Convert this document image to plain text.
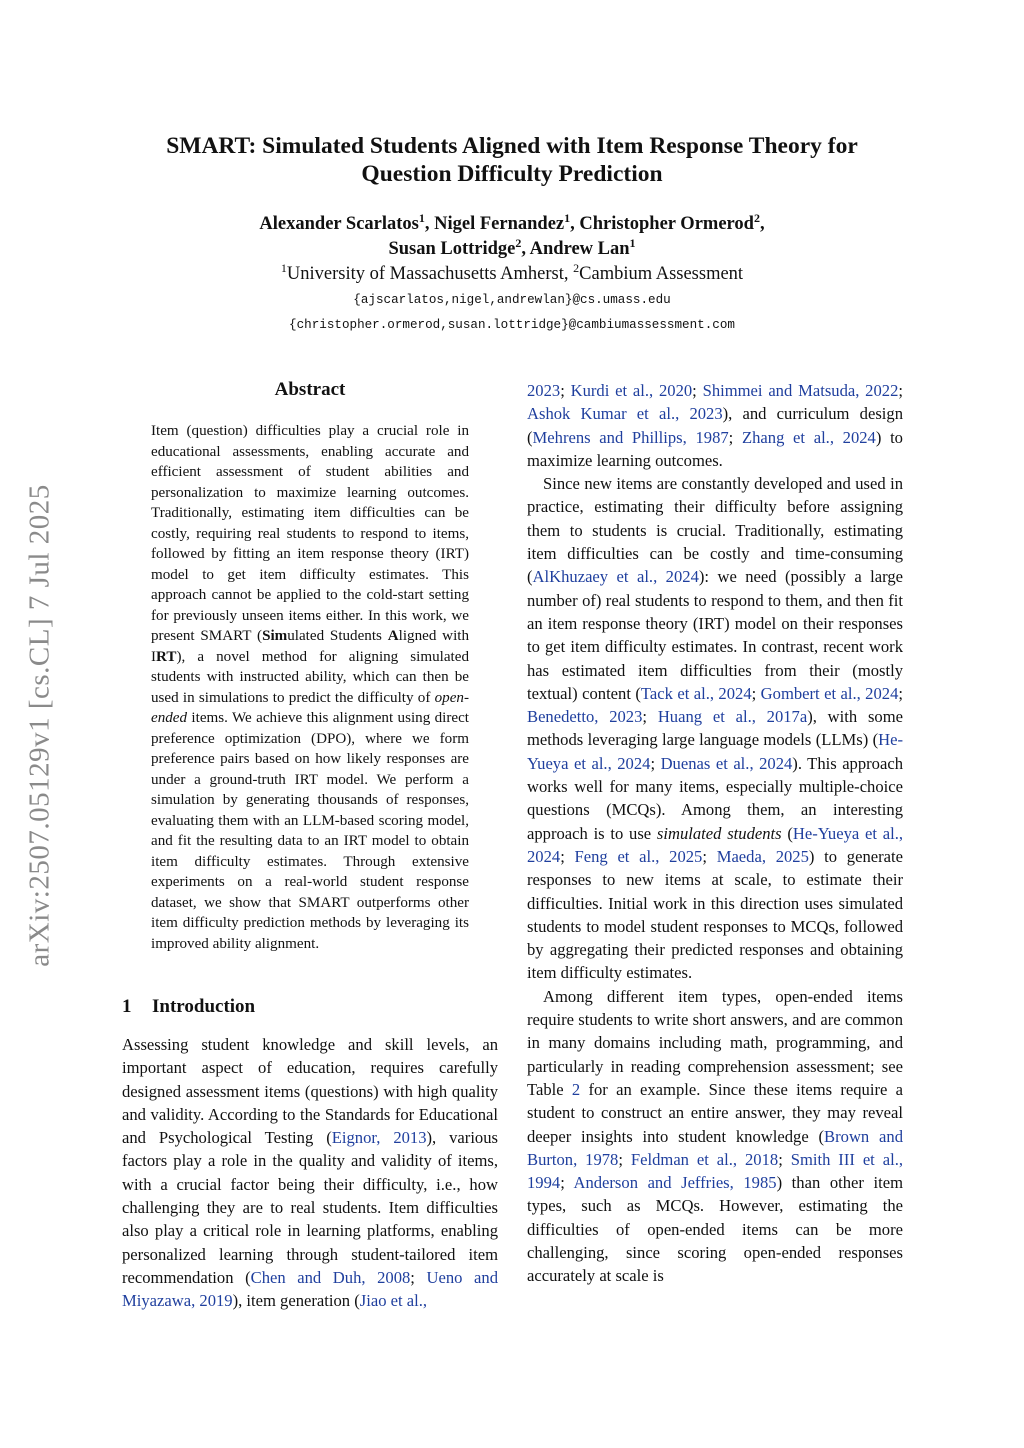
arXiv:2507.05129v1 [cs.CL] 7 Jul 2025
SMART: Simulated Students Aligned with Item Response Theory for
Question Difficulty Prediction
Alexander Scarlatos$^1$, Nigel Fernandez$^1$, Christopher Ormerod$^2$,
Susan Lottridge$^2$, Andrew Lan$^1$
$^1$University of Massachusetts Amherst, $^2$Cambium Assessment
{ajscarlatos,nigel,andrewlan}@cs.umass.edu
{christopher.ormerod,susan.lottridge}@cambiumassessment.com
Abstract

Item (question) difficulties play a crucial role in educational assessments, enabling accurate and efficient assessment of student abilities and personalization to maximize learning outcomes. Traditionally, estimating item difficulties can be costly, requiring real students to respond to items, followed by fitting an item response theory (IRT) model to get item difficulty estimates. This approach cannot be applied to the cold-start setting for previously unseen items either. In this work, we present SMART (Simulated Students Aligned with IRT), a novel method for aligning simulated students with instructed ability, which can then be used in simulations to predict the difficulty of open-ended items. We achieve this alignment using direct preference optimization (DPO), where we form preference pairs based on how likely responses are under a ground-truth IRT model. We perform a simulation by generating thousands of responses, evaluating them with an LLM-based scoring model, and fit the resulting data to an IRT model to obtain item difficulty estimates. Through extensive experiments on a real-world student response dataset, we show that SMART outperforms other item difficulty prediction methods by leveraging its improved ability alignment.

1 Introduction

Assessing student knowledge and skill levels, an important aspect of education, requires carefully designed assessment items (questions) with high quality and validity. According to the Standards for Educational and Psychological Testing (Eignor, 2013), various factors play a role in the quality and validity of items, with a crucial factor being their difficulty, i.e., how challenging they are to real students. Item difficulties also play a critical role in learning platforms, enabling personalized learning through student-tailored item recommendation (Chen and Duh, 2008; Ueno and Miyazawa, 2019), item generation (Jiao et al.,

2023; Kurdi et al., 2020; Shimmei and Matsuda, 2022; Ashok Kumar et al., 2023), and curriculum design (Mehrens and Phillips, 1987; Zhang et al., 2024) to maximize learning outcomes.

Since new items are constantly developed and used in practice, estimating their difficulty before assigning them to students is crucial. Traditionally, estimating item difficulties can be costly and time-consuming (AlKhuzaey et al., 2024): we need (possibly a large number of) real students to respond to them, and then fit an item response theory (IRT) model on their responses to get item difficulty estimates. In contrast, recent work has estimated item difficulties from their (mostly textual) content (Tack et al., 2024; Gombert et al., 2024; Benedetto, 2023; Huang et al., 2017a), with some methods leveraging large language models (LLMs) (He-Yueya et al., 2024; Duenas et al., 2024). This approach works well for many items, especially multiple-choice questions (MCQs). Among them, an interesting approach is to use simulated students (He-Yueya et al., 2024; Feng et al., 2025; Maeda, 2025) to generate responses to new items at scale, to estimate their difficulties. Initial work in this direction uses simulated students to model student responses to MCQs, followed by aggregating their predicted responses and obtaining item difficulty estimates.

Among different item types, open-ended items require students to write short answers, and are common in many domains including math, programming, and particularly in reading comprehension assessment; see Table 2 for an example. Since these items require a student to construct an entire answer, they may reveal deeper insights into student knowledge (Brown and Burton, 1978; Feldman et al., 2018; Smith III et al., 1994; Anderson and Jeffries, 1985) than other item types, such as MCQs. However, estimating the difficulties of open-ended items can be more challenging, since scoring open-ended responses accurately at scale is
